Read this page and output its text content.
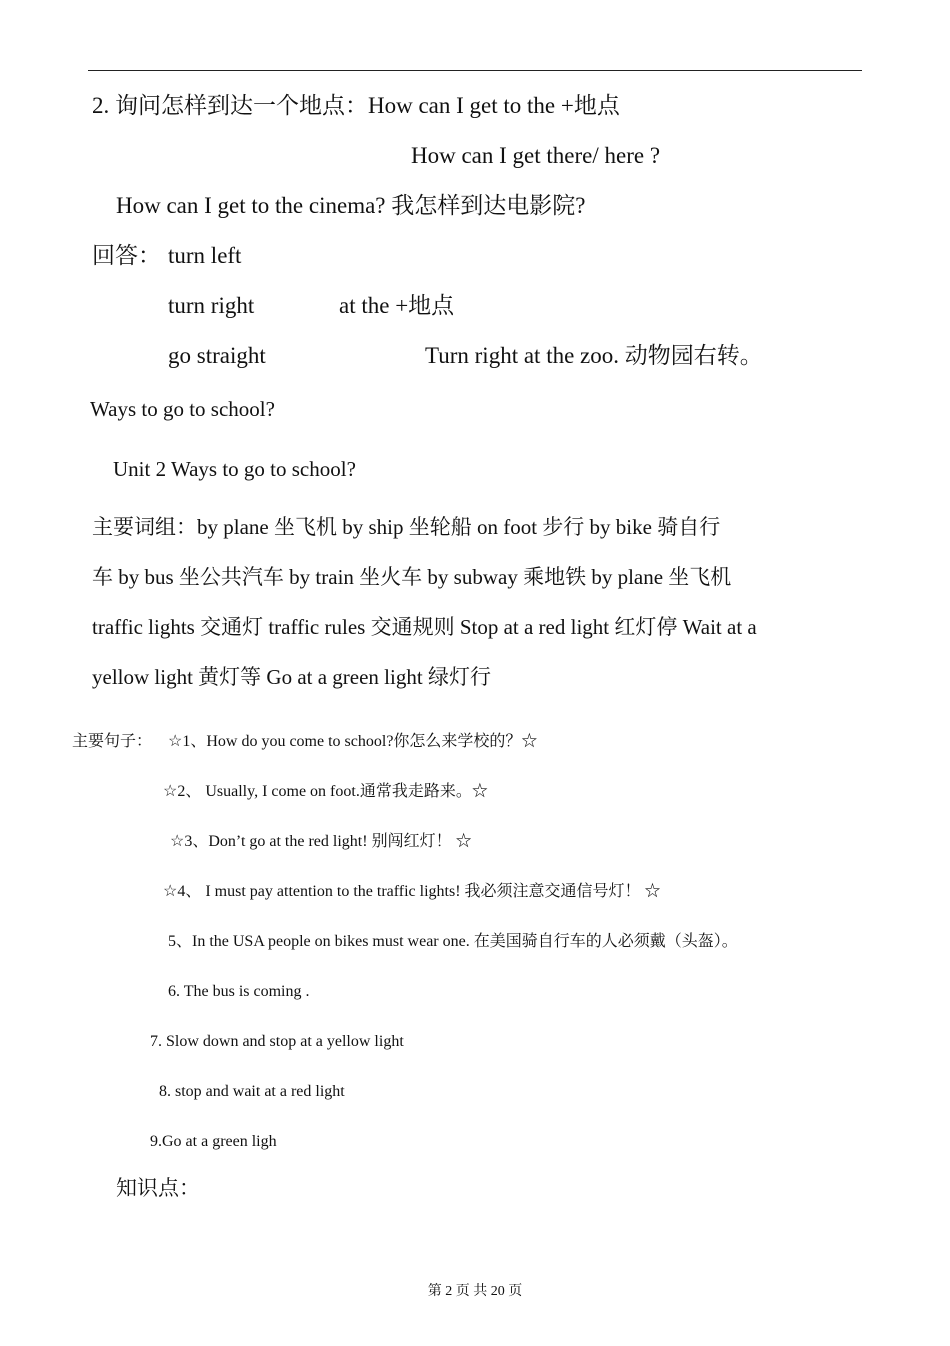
2. 询问怎样到达一个地点：How can I get to the +地点
How can I get there/ here ?
How can I get to the cinema? 我怎样到达电影院?
回答： turn left
turn right	at the +地点
go straight	Turn right at the zoo. 动物园右转。
Ways to go to school?
Unit 2 Ways to go to school?
主要词组：by plane 坐飞机 by ship 坐轮船 on foot 步行 by bike 骑自行
车 by bus 坐公共汽车 by train 坐火车 by subway 乘地铁 by plane 坐飞机
traffic lights 交通灯 traffic rules 交通规则 Stop at a red light 红灯停 Wait at a
yellow light 黄灯等 Go at a green light 绿灯行
主要句子： ☆1、How do you come to school?你怎么来学校的？☆
☆2、 Usually, I come on foot.通常我走路来。☆
☆3、Don’t go at the red light! 别闯红灯！ ☆
☆4、 I must pay attention to the traffic lights! 我必须注意交通信号灯！ ☆
5、In the USA people on bikes must wear one. 在美国骑自行车的人必须戴（头盔）。
6. The bus is coming .
7. Slow down and stop at a yellow light
8. stop and wait at a red light
9.Go at a green ligh
知识点：
第 2 页 共 20 页
